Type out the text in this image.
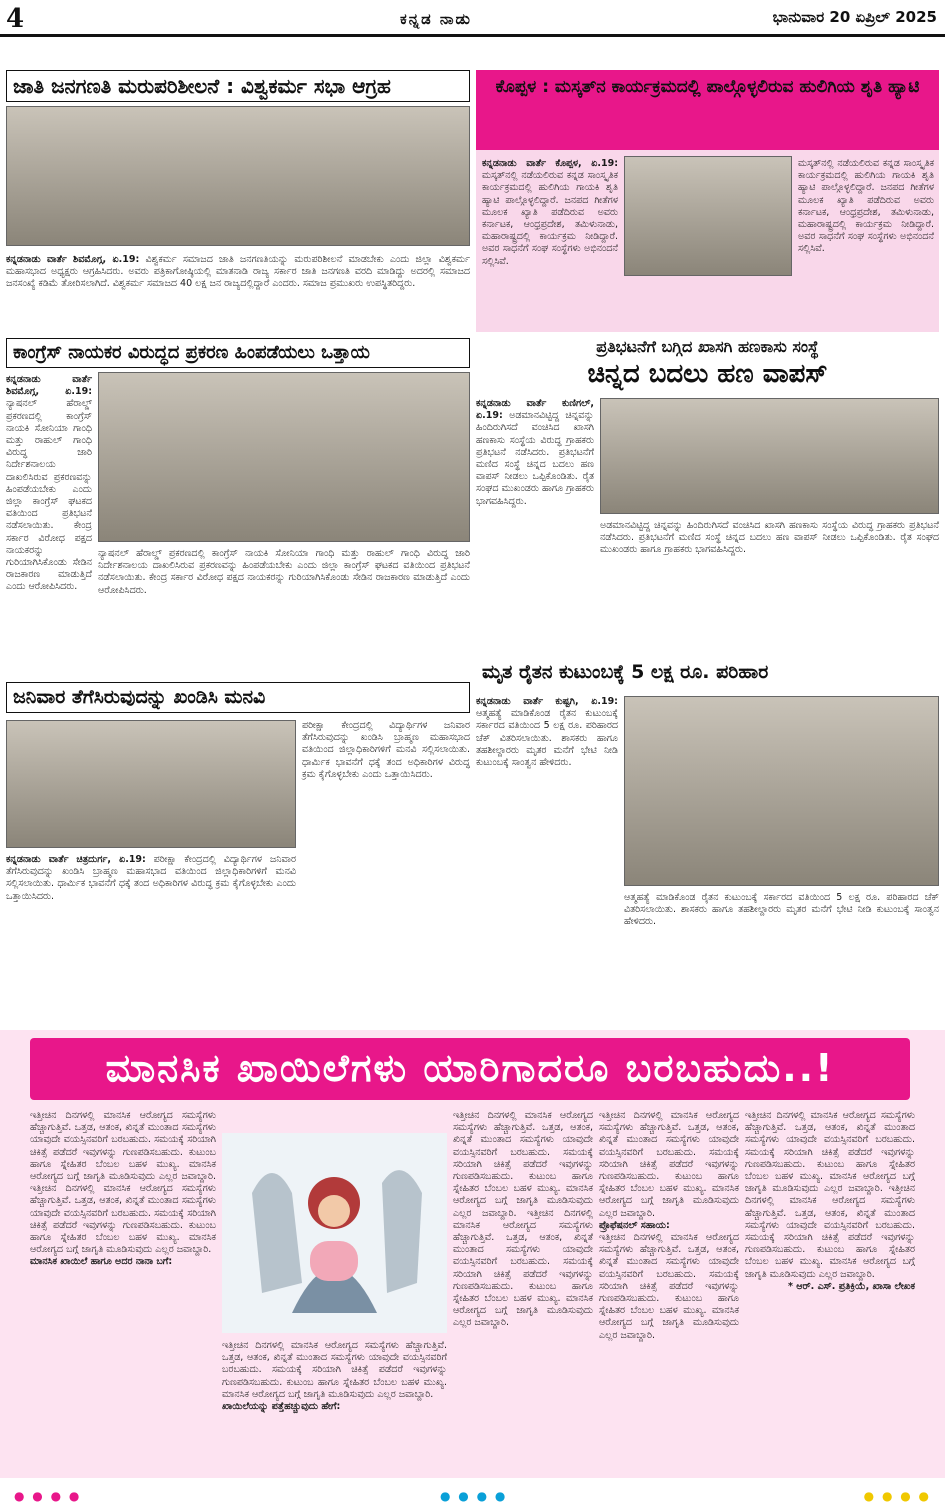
4	ಕನ್ನಡ ನಾಡು	ಭಾನುವಾರ 20 ಏಪ್ರಿಲ್ 2025
ಜಾತಿ ಜನಗಣತಿ ಮರುಪರಿಶೀಲನೆ : ವಿಶ್ವಕರ್ಮ ಸಭಾ ಆಗ್ರಹ
ಕನ್ನಡನಾಡು ವಾರ್ತೆ ಶಿವಮೊಗ್ಗ, ಏ.19: ವಿಶ್ವಕರ್ಮ ಸಮಾಜದ ಜಾತಿ ಜನಗಣತಿಯನ್ನು ಮರುಪರಿಶೀಲನೆ ಮಾಡಬೇಕು ಎಂದು ಜಿಲ್ಲಾ ವಿಶ್ವಕರ್ಮ ಮಹಾಸಭಾದ ಅಧ್ಯಕ್ಷರು ಆಗ್ರಹಿಸಿದರು. ಅವರು ಪತ್ರಿಕಾಗೋಷ್ಠಿಯಲ್ಲಿ ಮಾತನಾಡಿ ರಾಜ್ಯ ಸರ್ಕಾರ ಜಾತಿ ಜನಗಣತಿ ವರದಿ ಮಾಡಿದ್ದು ಅದರಲ್ಲಿ ಸಮಾಜದ ಜನಸಂಖ್ಯೆ ಕಡಿಮೆ ತೋರಿಸಲಾಗಿದೆ. ವಿಶ್ವಕರ್ಮ ಸಮಾಜದ 40 ಲಕ್ಷ ಜನ ರಾಜ್ಯದಲ್ಲಿದ್ದಾರೆ ಎಂದರು. ಸಮಾಜ ಪ್ರಮುಖರು ಉಪಸ್ಥಿತರಿದ್ದರು.
ಕೊಪ್ಪಳ : ಮಸ್ಕತ್‌ನ ಕಾರ್ಯಕ್ರಮದಲ್ಲಿ ಪಾಲ್ಗೊಳ್ಳಲಿರುವ ಹುಲಿಗಿಯ ಶೃತಿ ಹ್ಯಾಟಿ
ಕನ್ನಡನಾಡು ವಾರ್ತೆ ಕೊಪ್ಪಳ, ಏ.19: ಮಸ್ಕತ್‌ನಲ್ಲಿ ನಡೆಯಲಿರುವ ಕನ್ನಡ ಸಾಂಸ್ಕೃತಿಕ ಕಾರ್ಯಕ್ರಮದಲ್ಲಿ ಹುಲಿಗಿಯ ಗಾಯಕಿ ಶೃತಿ ಹ್ಯಾಟಿ ಪಾಲ್ಗೊಳ್ಳಲಿದ್ದಾರೆ. ಜನಪದ ಗೀತೆಗಳ ಮೂಲಕ ಖ್ಯಾತಿ ಪಡೆದಿರುವ ಅವರು ಕರ್ನಾಟಕ, ಆಂಧ್ರಪ್ರದೇಶ, ತಮಿಳುನಾಡು, ಮಹಾರಾಷ್ಟ್ರದಲ್ಲಿ ಕಾರ್ಯಕ್ರಮ ನೀಡಿದ್ದಾರೆ. ಅವರ ಸಾಧನೆಗೆ ಸಂಘ ಸಂಸ್ಥೆಗಳು ಅಭಿನಂದನೆ ಸಲ್ಲಿಸಿವೆ.
ಮಸ್ಕತ್‌ನಲ್ಲಿ ನಡೆಯಲಿರುವ ಕನ್ನಡ ಸಾಂಸ್ಕೃತಿಕ ಕಾರ್ಯಕ್ರಮದಲ್ಲಿ ಹುಲಿಗಿಯ ಗಾಯಕಿ ಶೃತಿ ಹ್ಯಾಟಿ ಪಾಲ್ಗೊಳ್ಳಲಿದ್ದಾರೆ. ಜನಪದ ಗೀತೆಗಳ ಮೂಲಕ ಖ್ಯಾತಿ ಪಡೆದಿರುವ ಅವರು ಕರ್ನಾಟಕ, ಆಂಧ್ರಪ್ರದೇಶ, ತಮಿಳುನಾಡು, ಮಹಾರಾಷ್ಟ್ರದಲ್ಲಿ ಕಾರ್ಯಕ್ರಮ ನೀಡಿದ್ದಾರೆ. ಅವರ ಸಾಧನೆಗೆ ಸಂಘ ಸಂಸ್ಥೆಗಳು ಅಭಿನಂದನೆ ಸಲ್ಲಿಸಿವೆ.
ಕಾಂಗ್ರೆಸ್ ನಾಯಕರ ವಿರುದ್ಧದ ಪ್ರಕರಣ ಹಿಂಪಡೆಯಲು ಒತ್ತಾಯ
ಕನ್ನಡನಾಡು ವಾರ್ತೆ ಶಿವಮೊಗ್ಗ, ಏ.19: ನ್ಯಾಷನಲ್ ಹೆರಾಲ್ಡ್ ಪ್ರಕರಣದಲ್ಲಿ ಕಾಂಗ್ರೆಸ್ ನಾಯಕಿ ಸೋನಿಯಾ ಗಾಂಧಿ ಮತ್ತು ರಾಹುಲ್ ಗಾಂಧಿ ವಿರುದ್ಧ ಜಾರಿ ನಿರ್ದೇಶನಾಲಯ ದಾಖಲಿಸಿರುವ ಪ್ರಕರಣವನ್ನು ಹಿಂಪಡೆಯಬೇಕು ಎಂದು ಜಿಲ್ಲಾ ಕಾಂಗ್ರೆಸ್ ಘಟಕದ ವತಿಯಿಂದ ಪ್ರತಿಭಟನೆ ನಡೆಸಲಾಯಿತು. ಕೇಂದ್ರ ಸರ್ಕಾರ ವಿರೋಧ ಪಕ್ಷದ ನಾಯಕರನ್ನು ಗುರಿಯಾಗಿಸಿಕೊಂಡು ಸೇಡಿನ ರಾಜಕಾರಣ ಮಾಡುತ್ತಿದೆ ಎಂದು ಆರೋಪಿಸಿದರು.
ನ್ಯಾಷನಲ್ ಹೆರಾಲ್ಡ್ ಪ್ರಕರಣದಲ್ಲಿ ಕಾಂಗ್ರೆಸ್ ನಾಯಕಿ ಸೋನಿಯಾ ಗಾಂಧಿ ಮತ್ತು ರಾಹುಲ್ ಗಾಂಧಿ ವಿರುದ್ಧ ಜಾರಿ ನಿರ್ದೇಶನಾಲಯ ದಾಖಲಿಸಿರುವ ಪ್ರಕರಣವನ್ನು ಹಿಂಪಡೆಯಬೇಕು ಎಂದು ಜಿಲ್ಲಾ ಕಾಂಗ್ರೆಸ್ ಘಟಕದ ವತಿಯಿಂದ ಪ್ರತಿಭಟನೆ ನಡೆಸಲಾಯಿತು. ಕೇಂದ್ರ ಸರ್ಕಾರ ವಿರೋಧ ಪಕ್ಷದ ನಾಯಕರನ್ನು ಗುರಿಯಾಗಿಸಿಕೊಂಡು ಸೇಡಿನ ರಾಜಕಾರಣ ಮಾಡುತ್ತಿದೆ ಎಂದು ಆರೋಪಿಸಿದರು.
ಪ್ರತಿಭಟನೆಗೆ ಬಗ್ಗಿದ ಖಾಸಗಿ ಹಣಕಾಸು ಸಂಸ್ಥೆ
ಚಿನ್ನದ ಬದಲು ಹಣ ವಾಪಸ್
ಕನ್ನಡನಾಡು ವಾರ್ತೆ ಕುಣಿಗಲ್, ಏ.19: ಅಡಮಾನವಿಟ್ಟಿದ್ದ ಚಿನ್ನವನ್ನು ಹಿಂದಿರುಗಿಸದೆ ವಂಚಿಸಿದ ಖಾಸಗಿ ಹಣಕಾಸು ಸಂಸ್ಥೆಯ ವಿರುದ್ಧ ಗ್ರಾಹಕರು ಪ್ರತಿಭಟನೆ ನಡೆಸಿದರು. ಪ್ರತಿಭಟನೆಗೆ ಮಣಿದ ಸಂಸ್ಥೆ ಚಿನ್ನದ ಬದಲು ಹಣ ವಾಪಸ್ ನೀಡಲು ಒಪ್ಪಿಕೊಂಡಿತು. ರೈತ ಸಂಘದ ಮುಖಂಡರು ಹಾಗೂ ಗ್ರಾಹಕರು ಭಾಗವಹಿಸಿದ್ದರು.
ಅಡಮಾನವಿಟ್ಟಿದ್ದ ಚಿನ್ನವನ್ನು ಹಿಂದಿರುಗಿಸದೆ ವಂಚಿಸಿದ ಖಾಸಗಿ ಹಣಕಾಸು ಸಂಸ್ಥೆಯ ವಿರುದ್ಧ ಗ್ರಾಹಕರು ಪ್ರತಿಭಟನೆ ನಡೆಸಿದರು. ಪ್ರತಿಭಟನೆಗೆ ಮಣಿದ ಸಂಸ್ಥೆ ಚಿನ್ನದ ಬದಲು ಹಣ ವಾಪಸ್ ನೀಡಲು ಒಪ್ಪಿಕೊಂಡಿತು. ರೈತ ಸಂಘದ ಮುಖಂಡರು ಹಾಗೂ ಗ್ರಾಹಕರು ಭಾಗವಹಿಸಿದ್ದರು.
ಮೃತ ರೈತನ ಕುಟುಂಬಕ್ಕೆ 5 ಲಕ್ಷ ರೂ. ಪರಿಹಾರ
ಕನ್ನಡನಾಡು ವಾರ್ತೆ ಕುಷ್ಟಗಿ, ಏ.19: ಆತ್ಮಹತ್ಯೆ ಮಾಡಿಕೊಂಡ ರೈತನ ಕುಟುಂಬಕ್ಕೆ ಸರ್ಕಾರದ ವತಿಯಿಂದ 5 ಲಕ್ಷ ರೂ. ಪರಿಹಾರದ ಚೆಕ್ ವಿತರಿಸಲಾಯಿತು. ಶಾಸಕರು ಹಾಗೂ ತಹಶೀಲ್ದಾರರು ಮೃತರ ಮನೆಗೆ ಭೇಟಿ ನೀಡಿ ಕುಟುಂಬಕ್ಕೆ ಸಾಂತ್ವನ ಹೇಳಿದರು.
ಆತ್ಮಹತ್ಯೆ ಮಾಡಿಕೊಂಡ ರೈತನ ಕುಟುಂಬಕ್ಕೆ ಸರ್ಕಾರದ ವತಿಯಿಂದ 5 ಲಕ್ಷ ರೂ. ಪರಿಹಾರದ ಚೆಕ್ ವಿತರಿಸಲಾಯಿತು. ಶಾಸಕರು ಹಾಗೂ ತಹಶೀಲ್ದಾರರು ಮೃತರ ಮನೆಗೆ ಭೇಟಿ ನೀಡಿ ಕುಟುಂಬಕ್ಕೆ ಸಾಂತ್ವನ ಹೇಳಿದರು.
ಜನಿವಾರ ತೆಗೆಸಿರುವುದನ್ನು ಖಂಡಿಸಿ ಮನವಿ
ಪರೀಕ್ಷಾ ಕೇಂದ್ರದಲ್ಲಿ ವಿದ್ಯಾರ್ಥಿಗಳ ಜನಿವಾರ ತೆಗೆಸಿರುವುದನ್ನು ಖಂಡಿಸಿ ಬ್ರಾಹ್ಮಣ ಮಹಾಸಭಾದ ವತಿಯಿಂದ ಜಿಲ್ಲಾಧಿಕಾರಿಗಳಿಗೆ ಮನವಿ ಸಲ್ಲಿಸಲಾಯಿತು. ಧಾರ್ಮಿಕ ಭಾವನೆಗೆ ಧಕ್ಕೆ ತಂದ ಅಧಿಕಾರಿಗಳ ವಿರುದ್ಧ ಕ್ರಮ ಕೈಗೊಳ್ಳಬೇಕು ಎಂದು ಒತ್ತಾಯಿಸಿದರು.
ಕನ್ನಡನಾಡು ವಾರ್ತೆ ಚಿತ್ರದುರ್ಗ, ಏ.19: ಪರೀಕ್ಷಾ ಕೇಂದ್ರದಲ್ಲಿ ವಿದ್ಯಾರ್ಥಿಗಳ ಜನಿವಾರ ತೆಗೆಸಿರುವುದನ್ನು ಖಂಡಿಸಿ ಬ್ರಾಹ್ಮಣ ಮಹಾಸಭಾದ ವತಿಯಿಂದ ಜಿಲ್ಲಾಧಿಕಾರಿಗಳಿಗೆ ಮನವಿ ಸಲ್ಲಿಸಲಾಯಿತು. ಧಾರ್ಮಿಕ ಭಾವನೆಗೆ ಧಕ್ಕೆ ತಂದ ಅಧಿಕಾರಿಗಳ ವಿರುದ್ಧ ಕ್ರಮ ಕೈಗೊಳ್ಳಬೇಕು ಎಂದು ಒತ್ತಾಯಿಸಿದರು.
ಮಾನಸಿಕ ಖಾಯಿಲೆಗಳು ಯಾರಿಗಾದರೂ ಬರಬಹುದು..!
ಇತ್ತೀಚಿನ ದಿನಗಳಲ್ಲಿ ಮಾನಸಿಕ ಆರೋಗ್ಯದ ಸಮಸ್ಯೆಗಳು ಹೆಚ್ಚಾಗುತ್ತಿವೆ. ಒತ್ತಡ, ಆತಂಕ, ಖಿನ್ನತೆ ಮುಂತಾದ ಸಮಸ್ಯೆಗಳು ಯಾವುದೇ ವಯಸ್ಸಿನವರಿಗೆ ಬರಬಹುದು. ಸಮಯಕ್ಕೆ ಸರಿಯಾಗಿ ಚಿಕಿತ್ಸೆ ಪಡೆದರೆ ಇವುಗಳನ್ನು ಗುಣಪಡಿಸಬಹುದು. ಕುಟುಂಬ ಹಾಗೂ ಸ್ನೇಹಿತರ ಬೆಂಬಲ ಬಹಳ ಮುಖ್ಯ. ಮಾನಸಿಕ ಆರೋಗ್ಯದ ಬಗ್ಗೆ ಜಾಗೃತಿ ಮೂಡಿಸುವುದು ಎಲ್ಲರ ಜವಾಬ್ದಾರಿ. ಇತ್ತೀಚಿನ ದಿನಗಳಲ್ಲಿ ಮಾನಸಿಕ ಆರೋಗ್ಯದ ಸಮಸ್ಯೆಗಳು ಹೆಚ್ಚಾಗುತ್ತಿವೆ. ಒತ್ತಡ, ಆತಂಕ, ಖಿನ್ನತೆ ಮುಂತಾದ ಸಮಸ್ಯೆಗಳು ಯಾವುದೇ ವಯಸ್ಸಿನವರಿಗೆ ಬರಬಹುದು. ಸಮಯಕ್ಕೆ ಸರಿಯಾಗಿ ಚಿಕಿತ್ಸೆ ಪಡೆದರೆ ಇವುಗಳನ್ನು ಗುಣಪಡಿಸಬಹುದು. ಕುಟುಂಬ ಹಾಗೂ ಸ್ನೇಹಿತರ ಬೆಂಬಲ ಬಹಳ ಮುಖ್ಯ. ಮಾನಸಿಕ ಆರೋಗ್ಯದ ಬಗ್ಗೆ ಜಾಗೃತಿ ಮೂಡಿಸುವುದು ಎಲ್ಲರ ಜವಾಬ್ದಾರಿ.
ಮಾನಸಿಕ ಖಾಯಿಲೆ ಹಾಗೂ ಅದರ ನಾನಾ ಬಗೆ:
ಇತ್ತೀಚಿನ ದಿನಗಳಲ್ಲಿ ಮಾನಸಿಕ ಆರೋಗ್ಯದ ಸಮಸ್ಯೆಗಳು ಹೆಚ್ಚಾಗುತ್ತಿವೆ. ಒತ್ತಡ, ಆತಂಕ, ಖಿನ್ನತೆ ಮುಂತಾದ ಸಮಸ್ಯೆಗಳು ಯಾವುದೇ ವಯಸ್ಸಿನವರಿಗೆ ಬರಬಹುದು. ಸಮಯಕ್ಕೆ ಸರಿಯಾಗಿ ಚಿಕಿತ್ಸೆ ಪಡೆದರೆ ಇವುಗಳನ್ನು ಗುಣಪಡಿಸಬಹುದು. ಕುಟುಂಬ ಹಾಗೂ ಸ್ನೇಹಿತರ ಬೆಂಬಲ ಬಹಳ ಮುಖ್ಯ. ಮಾನಸಿಕ ಆರೋಗ್ಯದ ಬಗ್ಗೆ ಜಾಗೃತಿ ಮೂಡಿಸುವುದು ಎಲ್ಲರ ಜವಾಬ್ದಾರಿ.
ಖಾಯಿಲೆಯನ್ನು ಪತ್ತೆಹಚ್ಚುವುದು ಹೇಗೆ:
ಇತ್ತೀಚಿನ ದಿನಗಳಲ್ಲಿ ಮಾನಸಿಕ ಆರೋಗ್ಯದ ಸಮಸ್ಯೆಗಳು ಹೆಚ್ಚಾಗುತ್ತಿವೆ. ಒತ್ತಡ, ಆತಂಕ, ಖಿನ್ನತೆ ಮುಂತಾದ ಸಮಸ್ಯೆಗಳು ಯಾವುದೇ ವಯಸ್ಸಿನವರಿಗೆ ಬರಬಹುದು. ಸಮಯಕ್ಕೆ ಸರಿಯಾಗಿ ಚಿಕಿತ್ಸೆ ಪಡೆದರೆ ಇವುಗಳನ್ನು ಗುಣಪಡಿಸಬಹುದು. ಕುಟುಂಬ ಹಾಗೂ ಸ್ನೇಹಿತರ ಬೆಂಬಲ ಬಹಳ ಮುಖ್ಯ. ಮಾನಸಿಕ ಆರೋಗ್ಯದ ಬಗ್ಗೆ ಜಾಗೃತಿ ಮೂಡಿಸುವುದು ಎಲ್ಲರ ಜವಾಬ್ದಾರಿ. ಇತ್ತೀಚಿನ ದಿನಗಳಲ್ಲಿ ಮಾನಸಿಕ ಆರೋಗ್ಯದ ಸಮಸ್ಯೆಗಳು ಹೆಚ್ಚಾಗುತ್ತಿವೆ. ಒತ್ತಡ, ಆತಂಕ, ಖಿನ್ನತೆ ಮುಂತಾದ ಸಮಸ್ಯೆಗಳು ಯಾವುದೇ ವಯಸ್ಸಿನವರಿಗೆ ಬರಬಹುದು. ಸಮಯಕ್ಕೆ ಸರಿಯಾಗಿ ಚಿಕಿತ್ಸೆ ಪಡೆದರೆ ಇವುಗಳನ್ನು ಗುಣಪಡಿಸಬಹುದು. ಕುಟುಂಬ ಹಾಗೂ ಸ್ನೇಹಿತರ ಬೆಂಬಲ ಬಹಳ ಮುಖ್ಯ. ಮಾನಸಿಕ ಆರೋಗ್ಯದ ಬಗ್ಗೆ ಜಾಗೃತಿ ಮೂಡಿಸುವುದು ಎಲ್ಲರ ಜವಾಬ್ದಾರಿ.
ಇತ್ತೀಚಿನ ದಿನಗಳಲ್ಲಿ ಮಾನಸಿಕ ಆರೋಗ್ಯದ ಸಮಸ್ಯೆಗಳು ಹೆಚ್ಚಾಗುತ್ತಿವೆ. ಒತ್ತಡ, ಆತಂಕ, ಖಿನ್ನತೆ ಮುಂತಾದ ಸಮಸ್ಯೆಗಳು ಯಾವುದೇ ವಯಸ್ಸಿನವರಿಗೆ ಬರಬಹುದು. ಸಮಯಕ್ಕೆ ಸರಿಯಾಗಿ ಚಿಕಿತ್ಸೆ ಪಡೆದರೆ ಇವುಗಳನ್ನು ಗುಣಪಡಿಸಬಹುದು. ಕುಟುಂಬ ಹಾಗೂ ಸ್ನೇಹಿತರ ಬೆಂಬಲ ಬಹಳ ಮುಖ್ಯ. ಮಾನಸಿಕ ಆರೋಗ್ಯದ ಬಗ್ಗೆ ಜಾಗೃತಿ ಮೂಡಿಸುವುದು ಎಲ್ಲರ ಜವಾಬ್ದಾರಿ.
ಪ್ರೊಫೆಷನಲ್ ಸಹಾಯ:
ಇತ್ತೀಚಿನ ದಿನಗಳಲ್ಲಿ ಮಾನಸಿಕ ಆರೋಗ್ಯದ ಸಮಸ್ಯೆಗಳು ಹೆಚ್ಚಾಗುತ್ತಿವೆ. ಒತ್ತಡ, ಆತಂಕ, ಖಿನ್ನತೆ ಮುಂತಾದ ಸಮಸ್ಯೆಗಳು ಯಾವುದೇ ವಯಸ್ಸಿನವರಿಗೆ ಬರಬಹುದು. ಸಮಯಕ್ಕೆ ಸರಿಯಾಗಿ ಚಿಕಿತ್ಸೆ ಪಡೆದರೆ ಇವುಗಳನ್ನು ಗುಣಪಡಿಸಬಹುದು. ಕುಟುಂಬ ಹಾಗೂ ಸ್ನೇಹಿತರ ಬೆಂಬಲ ಬಹಳ ಮುಖ್ಯ. ಮಾನಸಿಕ ಆರೋಗ್ಯದ ಬಗ್ಗೆ ಜಾಗೃತಿ ಮೂಡಿಸುವುದು ಎಲ್ಲರ ಜವಾಬ್ದಾರಿ.
ಇತ್ತೀಚಿನ ದಿನಗಳಲ್ಲಿ ಮಾನಸಿಕ ಆರೋಗ್ಯದ ಸಮಸ್ಯೆಗಳು ಹೆಚ್ಚಾಗುತ್ತಿವೆ. ಒತ್ತಡ, ಆತಂಕ, ಖಿನ್ನತೆ ಮುಂತಾದ ಸಮಸ್ಯೆಗಳು ಯಾವುದೇ ವಯಸ್ಸಿನವರಿಗೆ ಬರಬಹುದು. ಸಮಯಕ್ಕೆ ಸರಿಯಾಗಿ ಚಿಕಿತ್ಸೆ ಪಡೆದರೆ ಇವುಗಳನ್ನು ಗುಣಪಡಿಸಬಹುದು. ಕುಟುಂಬ ಹಾಗೂ ಸ್ನೇಹಿತರ ಬೆಂಬಲ ಬಹಳ ಮುಖ್ಯ. ಮಾನಸಿಕ ಆರೋಗ್ಯದ ಬಗ್ಗೆ ಜಾಗೃತಿ ಮೂಡಿಸುವುದು ಎಲ್ಲರ ಜವಾಬ್ದಾರಿ. ಇತ್ತೀಚಿನ ದಿನಗಳಲ್ಲಿ ಮಾನಸಿಕ ಆರೋಗ್ಯದ ಸಮಸ್ಯೆಗಳು ಹೆಚ್ಚಾಗುತ್ತಿವೆ. ಒತ್ತಡ, ಆತಂಕ, ಖಿನ್ನತೆ ಮುಂತಾದ ಸಮಸ್ಯೆಗಳು ಯಾವುದೇ ವಯಸ್ಸಿನವರಿಗೆ ಬರಬಹುದು. ಸಮಯಕ್ಕೆ ಸರಿಯಾಗಿ ಚಿಕಿತ್ಸೆ ಪಡೆದರೆ ಇವುಗಳನ್ನು ಗುಣಪಡಿಸಬಹುದು. ಕುಟುಂಬ ಹಾಗೂ ಸ್ನೇಹಿತರ ಬೆಂಬಲ ಬಹಳ ಮುಖ್ಯ. ಮಾನಸಿಕ ಆರೋಗ್ಯದ ಬಗ್ಗೆ ಜಾಗೃತಿ ಮೂಡಿಸುವುದು ಎಲ್ಲರ ಜವಾಬ್ದಾರಿ.
* ಆರ್. ಎಸ್. ಪ್ರತಿಕ್ರಿಯೆ, ಖಾಸಾ ಲೇಖಕ
● ● ● ●	● ● ● ●	● ● ● ●
